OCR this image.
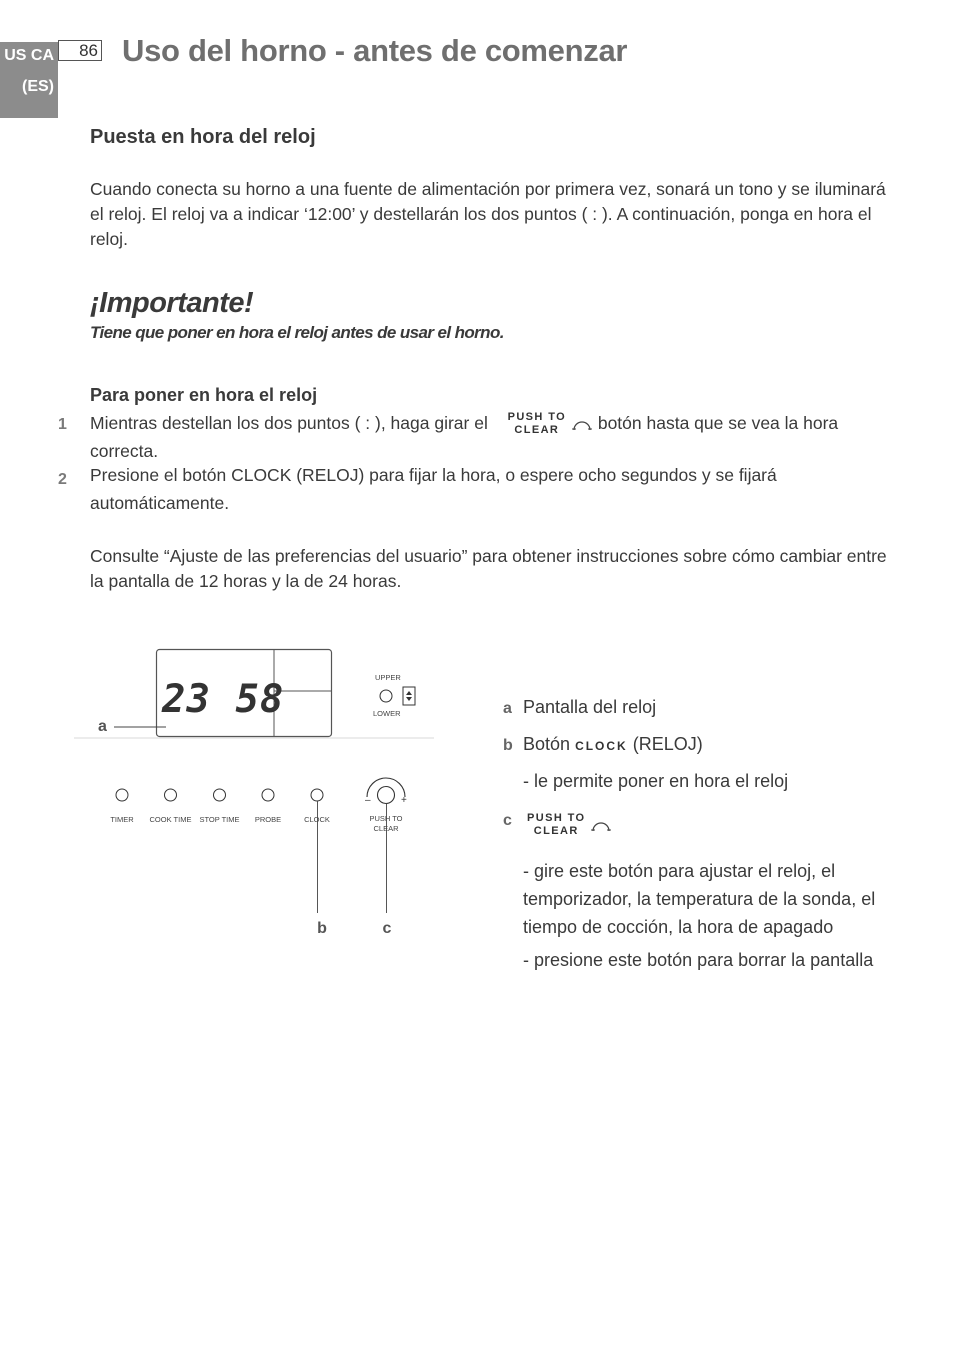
US CA
(ES)
86 Uso del horno - antes de comenzar
Puesta en hora del reloj
Cuando conecta su horno a una fuente de alimentación por primera vez, sonará un tono y se iluminará el reloj. El reloj va a indicar ‘12:00’ y destellarán los dos puntos ( : ). A continuación, ponga en hora el reloj.
¡Importante!
Tiene que poner en hora el reloj antes de usar el horno.
Para poner en hora el reloj
1 Mientras destellan los dos puntos ( : ), haga girar el PUSH TO
CLEAR botón hasta que se vea la hora
correcta.
2 Presione el botón CLOCK (RELOJ) para fijar la hora, o espere ocho segundos y se fijará
automáticamente.
Consulte “Ajuste de las preferencias del usuario” para obtener instrucciones sobre cómo cambiar entre la pantalla de 12 horas y la de 24 horas.
23 58	UPPER
LOWER
a
TIMER COOK TIME STOP TIME PROBE	CLOCK
–	+
PUSH TO
CLEAR
b	c
a Pantalla del reloj
b Botón CLOCK (RELOJ)
- le permite poner en hora el reloj
c PUSH TO
CLEAR
- gire este botón para ajustar el reloj, el temporizador, la temperatura de la sonda, el tiempo de cocción, la hora de apagado
- presione este botón para borrar la pantalla
